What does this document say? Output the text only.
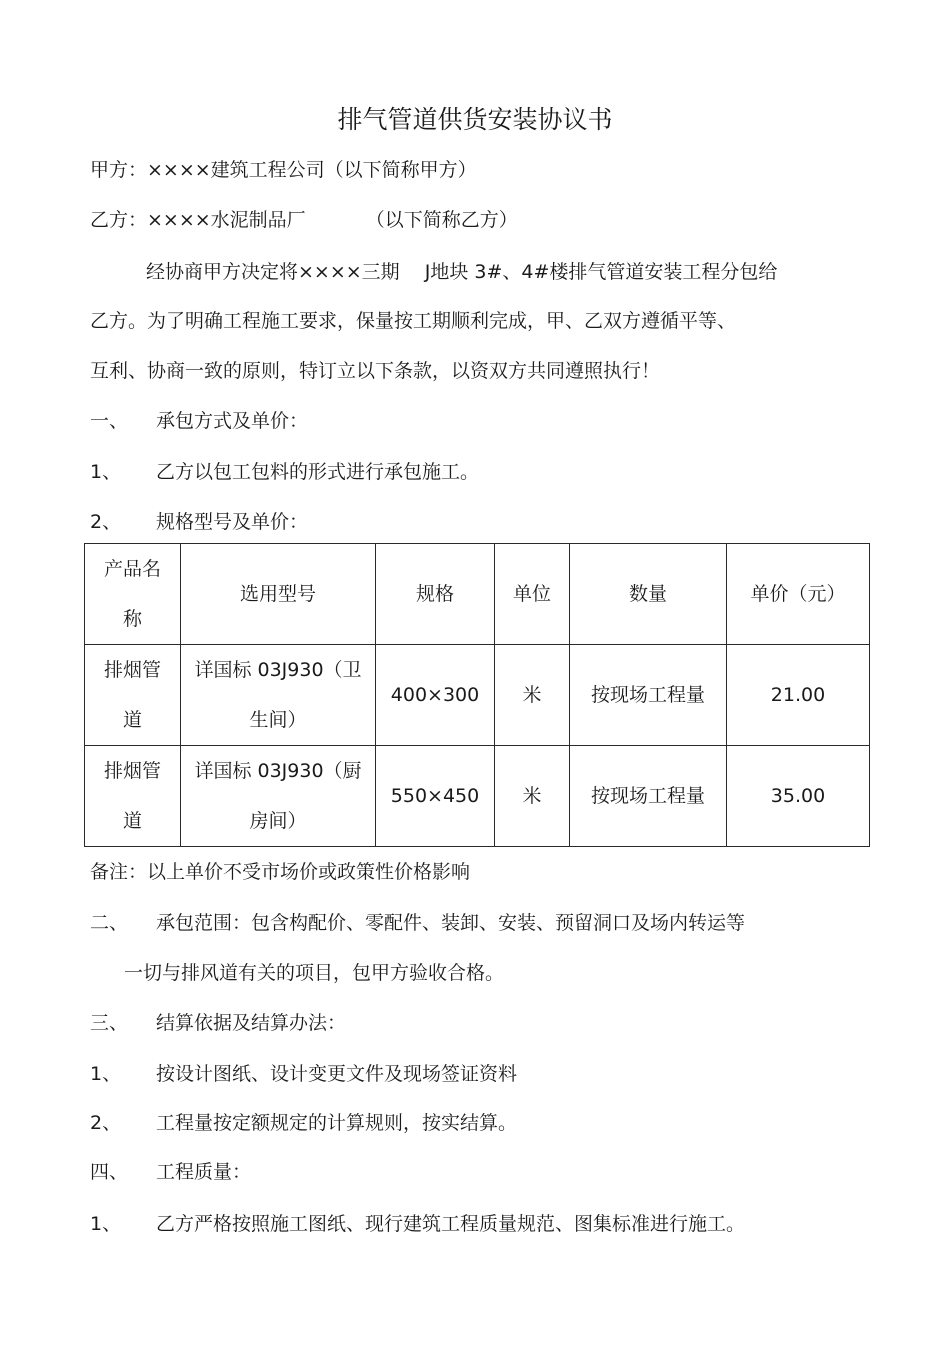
排气管道供货安装协议书
甲方：××××建筑工程公司（以下简称甲方）
乙方：××××水泥制品厂	（以下简称乙方）
经协商甲方决定将××××三期 　J地块 3#、4#楼排气管道安装工程分包给
乙方。为了明确工程施工要求，保量按工期顺利完成，甲、乙双方遵循平等、
互利、协商一致的原则，特订立以下条款，以资双方共同遵照执行！
一、 承包方式及单价：
1、 乙方以包工包料的形式进行承包施工。
2、 规格型号及单价：
产品名
称	选用型号	规格	单位	数量	单价（元）
排烟管
道	详国标 03J930（卫
生间）	400×300	米	按现场工程量	21.00
排烟管
道	详国标 03J930（厨
房间）	550×450	米	按现场工程量	35.00
备注：以上单价不受市场价或政策性价格影响
二、 承包范围：包含构配价、零配件、装卸、安装、预留洞口及场内转运等
一切与排风道有关的项目，包甲方验收合格。
三、 结算依据及结算办法：
1、 按设计图纸、设计变更文件及现场签证资料
2、 工程量按定额规定的计算规则，按实结算。
四、 工程质量：
1、 乙方严格按照施工图纸、现行建筑工程质量规范、图集标准进行施工。
